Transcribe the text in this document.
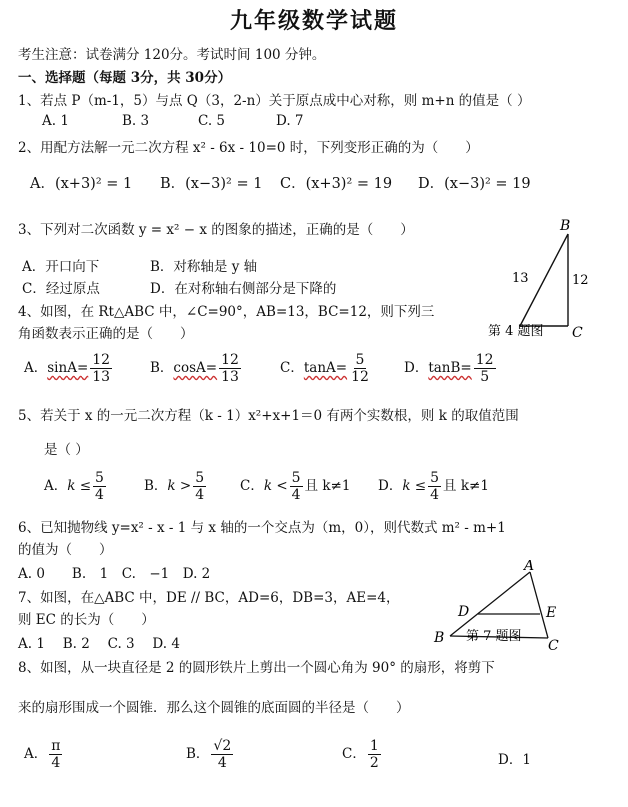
九年级数学试题
考生注意：试卷满分 120分。考试时间 100 分钟。
一、选择题（每题 3分，共 30分）
1、若点 P（m-1，5）与点 Q（3，2-n）关于原点成中心对称，则 m+n 的值是（ ）
A. 1	B. 3	C. 5	D. 7
2、用配方法解一元二次方程 x² - 6x - 10=0 时，下列变形正确的为（　　）
A．(x+3)² = 1 B．(x−3)² = 1 C．(x+3)² = 19 D．(x−3)² = 19
3、下列对二次函数 y = x² − x 的图象的描述，正确的是（　　）
A．开口向下	B．对称轴是 y 轴
C．经过原点	D．在对称轴右侧部分是下降的
4、如图，在 Rt△ABC 中，∠C=90°，AB=13，BC=12，则下列三
角函数表示正确的是（　　）
B
C
13	12
第 4 题图
A．$\sin A= \frac{12}{13}$	B．$\cos A= \frac{12}{13}$	C．$\tan A= \frac{5}{12}$ D．$\tan B= \frac{12}{5}$
5、若关于 x 的一元二次方程（k - 1）x²+x+1＝0 有两个实数根，则 k 的取值范围
是（ ）
A．$k \le \frac{5}{4}$	B．$k > \frac{5}{4}$	C．$k < \frac{5}{4}$ 且 k≠1 D．$k \le \frac{5}{4}$ 且 k≠1
6、已知抛物线 y=x² - x - 1 与 x 轴的一个交点为（m，0），则代数式 m² - m+1
的值为（　　）
A. 0　　B.　1　C.　−1　D. 2
7、如图，在△ABC 中，DE // BC，AD=6，DB=3，AE=4，
则 EC 的长为（　　）
A. 1　 B. 2　 C. 3　 D. 4
A
B	C
D	E
第 7 题图
8、如图，从一块直径是 2 的圆形铁片上剪出一个圆心角为 90° 的扇形，将剪下
来的扇形围成一个圆锥．那么这个圆锥的底面圆的半径是（　　）
A． $\frac{\pi}{4}$	B． $\frac{√2}{4}$	C． $\frac{1}{2}$	D．1
